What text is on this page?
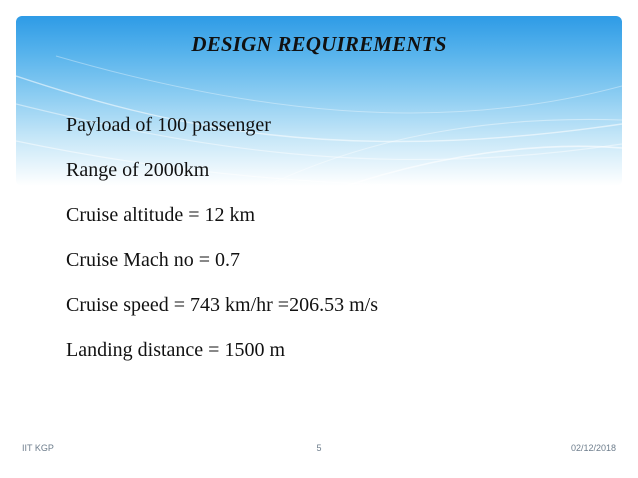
DESIGN REQUIREMENTS
Payload of 100 passenger
Range of 2000km
Cruise altitude = 12 km
Cruise Mach no = 0.7
Cruise speed = 743 km/hr =206.53 m/s
Landing distance = 1500 m
IIT KGP	5	02/12/2018
